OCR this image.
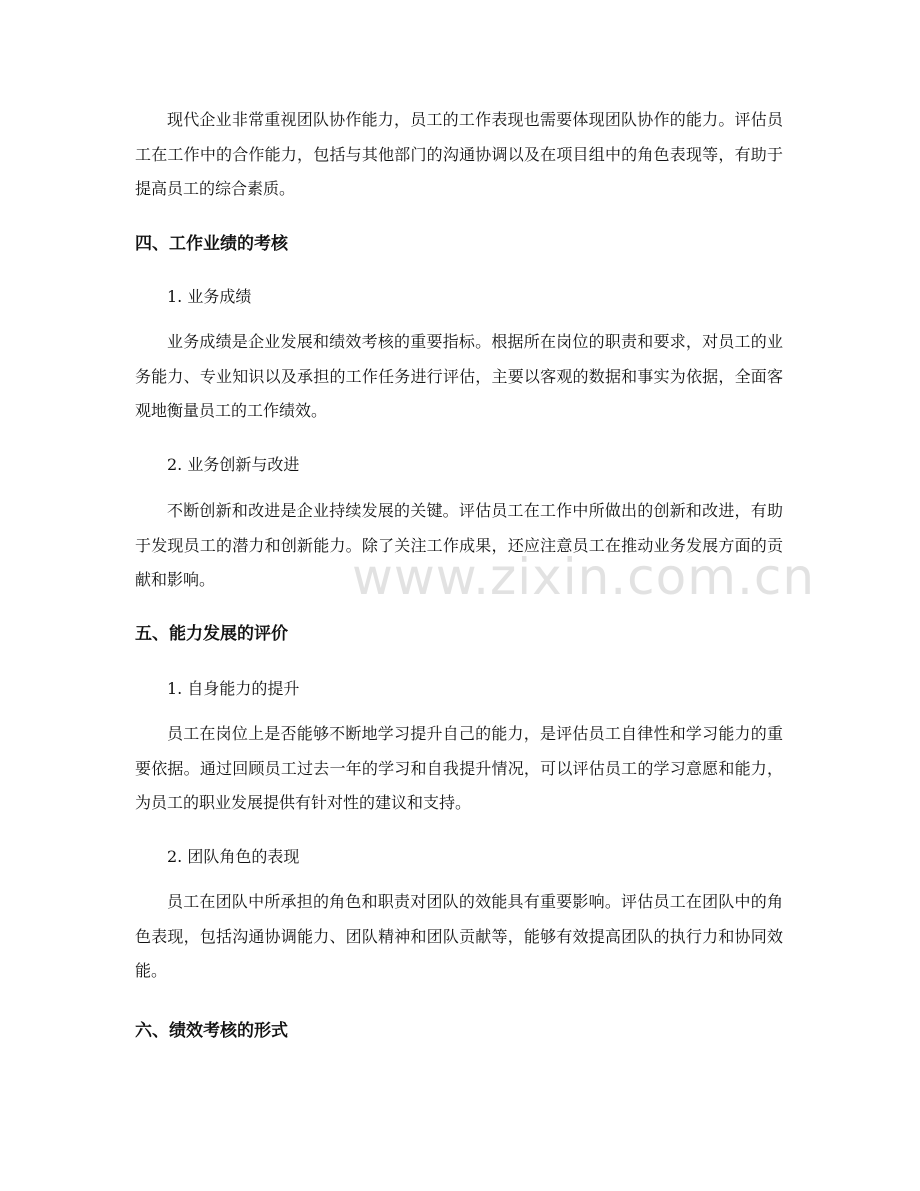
www.zixin.com.cn

现代企业非常重视团队协作能力，员工的工作表现也需要体现团队协作的能力。评估员工在工作中的合作能力，包括与其他部门的沟通协调以及在项目组中的角色表现等，有助于提高员工的综合素质。

四、工作业绩的考核

1. 业务成绩

业务成绩是企业发展和绩效考核的重要指标。根据所在岗位的职责和要求，对员工的业务能力、专业知识以及承担的工作任务进行评估，主要以客观的数据和事实为依据，全面客观地衡量员工的工作绩效。

2. 业务创新与改进

不断创新和改进是企业持续发展的关键。评估员工在工作中所做出的创新和改进，有助于发现员工的潜力和创新能力。除了关注工作成果，还应注意员工在推动业务发展方面的贡献和影响。

五、能力发展的评价

1. 自身能力的提升

员工在岗位上是否能够不断地学习提升自己的能力，是评估员工自律性和学习能力的重要依据。通过回顾员工过去一年的学习和自我提升情况，可以评估员工的学习意愿和能力，为员工的职业发展提供有针对性的建议和支持。

2. 团队角色的表现

员工在团队中所承担的角色和职责对团队的效能具有重要影响。评估员工在团队中的角色表现，包括沟通协调能力、团队精神和团队贡献等，能够有效提高团队的执行力和协同效能。

六、绩效考核的形式
